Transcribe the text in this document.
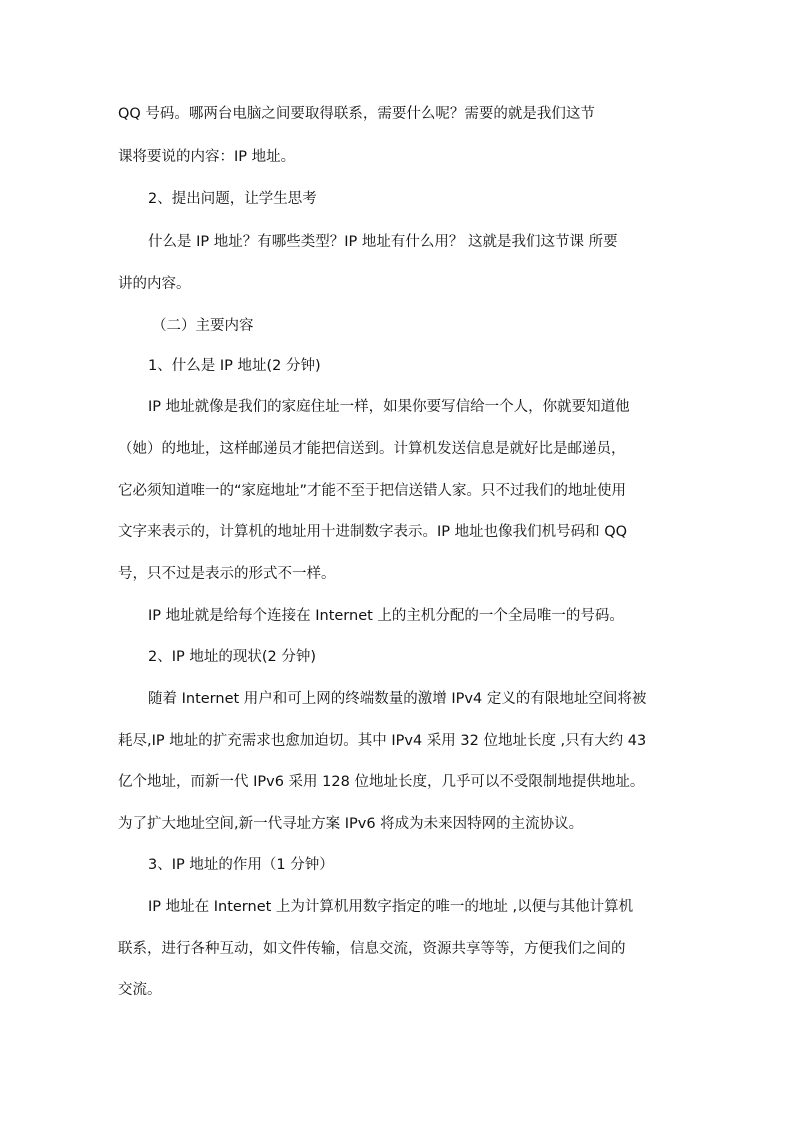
QQ 号码。哪两台电脑之间要取得联系，需要什么呢？需要的就是我们这节
课将要说的内容：IP 地址。
2、提出问题，让学生思考
什么是 IP 地址？有哪些类型？IP 地址有什么用？ 这就是我们这节课 所要
讲的内容。
（二）主要内容
1、什么是 IP 地址(2 分钟)
IP 地址就像是我们的家庭住址一样，如果你要写信给一个人，你就要知道他
（她）的地址，这样邮递员才能把信送到。计算机发送信息是就好比是邮递员，
它必须知道唯一的“家庭地址”才能不至于把信送错人家。只不过我们的地址使用
文字来表示的，计算机的地址用十进制数字表示。IP 地址也像我们机号码和 QQ
号，只不过是表示的形式不一样。
IP 地址就是给每个连接在 Internet 上的主机分配的一个全局唯一的号码。
2、IP 地址的现状(2 分钟)
随着 Internet 用户和可上网的终端数量的激增 IPv4 定义的有限地址空间将被
耗尽,IP 地址的扩充需求也愈加迫切。其中 IPv4 采用 32 位地址长度 ,只有大约 43
亿个地址，而新一代 IPv6 采用 128 位地址长度，几乎可以不受限制地提供地址。
为了扩大地址空间,新一代寻址方案 IPv6 将成为未来因特网的主流协议。
3、IP 地址的作用（1 分钟）
IP 地址在 Internet 上为计算机用数字指定的唯一的地址 ,以便与其他计算机
联系，进行各种互动，如文件传输，信息交流，资源共享等等，方便我们之间的
交流。
